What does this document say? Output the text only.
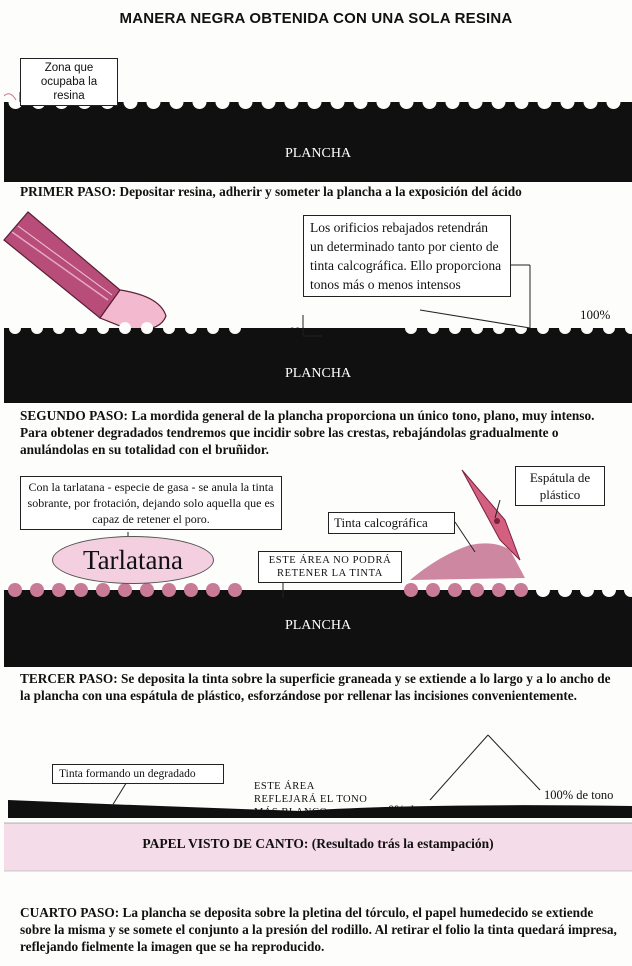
MANERA NEGRA OBTENIDA CON UNA SOLA RESINA
Zona que ocupaba la resina
PLANCHA
PRIMER PASO: Depositar resina, adherir y someter la plancha a la exposición del ácido
Los orificios rebajados retendrán un determinado tanto por ciento de tinta calcográfica. Ello proporciona tonos más o menos intensos
0%
100%
PLANCHA
SEGUNDO PASO: La mordida general de la plancha proporciona un único tono, plano, muy intenso. Para obtener degradados tendremos que incidir sobre las crestas, rebajándolas gradualmente o anulándolas en su totalidad con el bruñidor.
Con la tarlatana - especie de gasa - se anula la tinta sobrante, por frotación, dejando solo aquella que es capaz de retener el poro.
Tarlatana	ESTE ÁREA NO PODRÁ RETENER LA TINTA
Tinta calcográfica
Espátula de plástico
PLANCHA
TERCER PASO: Se deposita la tinta sobre la superficie graneada y se extiende a lo largo y a lo ancho de la plancha con una espátula de plástico, esforzándose por rellenar las incisiones convenientemente.
Tinta formando un degradado
ESTE ÁREA REFLEJARÁ EL TONO MÁS BLANCO	0% de tono
100% de tono
PAPEL VISTO DE CANTO: (Resultado trás la estampación)
CUARTO PASO: La plancha se deposita sobre la pletina del tórculo, el papel humedecido se extiende sobre la misma y se somete el conjunto a la presión del rodillo. Al retirar el folio la tinta quedará impresa, reflejando fielmente la imagen que se ha reproducido.
